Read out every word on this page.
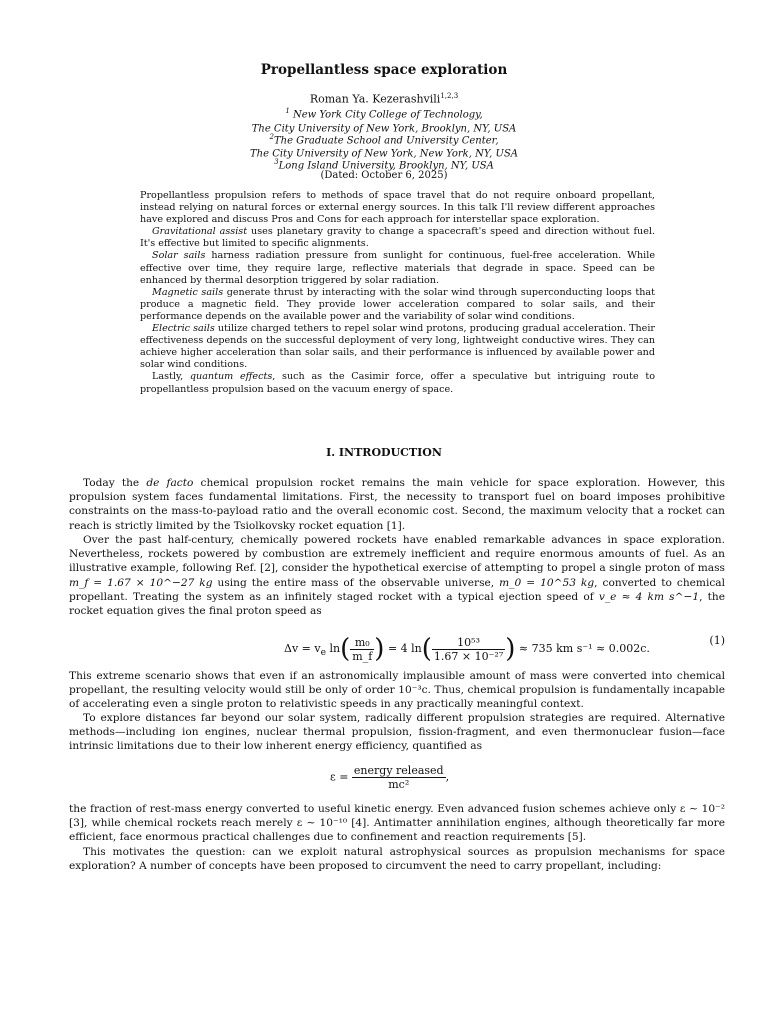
Propellantless space exploration
Roman Ya. Kezerashvili$^{1,2,3}$
$^1$ New York City College of Technology,
The City University of New York, Brooklyn, NY, USA
$^2$The Graduate School and University Center,
The City University of New York, New York, NY, USA
$^3$Long Island University, Brooklyn, NY, USA
(Dated: October 6, 2025)

Propellantless propulsion refers to methods of space travel that do not require onboard propellant, instead relying on natural forces or external energy sources. In this talk I'll review different approaches have explored and discuss Pros and Cons for each approach for interstellar space exploration.

Gravitational assist uses planetary gravity to change a spacecraft's speed and direction without fuel. It's effective but limited to specific alignments.

Solar sails harness radiation pressure from sunlight for continuous, fuel-free acceleration. While effective over time, they require large, reflective materials that degrade in space. Speed can be enhanced by thermal desorption triggered by solar radiation.

Magnetic sails generate thrust by interacting with the solar wind through superconducting loops that produce a magnetic field. They provide lower acceleration compared to solar sails, and their performance depends on the available power and the variability of solar wind conditions.

Electric sails utilize charged tethers to repel solar wind protons, producing gradual acceleration. Their effectiveness depends on the successful deployment of very long, lightweight conductive wires. They can achieve higher acceleration than solar sails, and their performance is influenced by available power and solar wind conditions.

Lastly, quantum effects, such as the Casimir force, offer a speculative but intriguing route to propellantless propulsion based on the vacuum energy of space.

I. INTRODUCTION

Today the de facto chemical propulsion rocket remains the main vehicle for space exploration. However, this propulsion system faces fundamental limitations. First, the necessity to transport fuel on board imposes prohibitive constraints on the mass-to-payload ratio and the overall economic cost. Second, the maximum velocity that a rocket can reach is strictly limited by the Tsiolkovsky rocket equation [1].

Over the past half-century, chemically powered rockets have enabled remarkable advances in space exploration. Nevertheless, rockets powered by combustion are extremely inefficient and require enormous amounts of fuel. As an illustrative example, following Ref. [2], consider the hypothetical exercise of attempting to propel a single proton of mass m_f = 1.67 × 10^−27 kg using the entire mass of the observable universe, m_0 = 10^53 kg, converted to chemical propellant. Treating the system as an infinitely staged rocket with a typical ejection speed of v_e ≈ 4 km s^−1, the rocket equation gives the final proton speed as

$\Delta v = v_e$ $\ln( \frac{\text{m₀}}{m\_f}$ ) = 4 $\ln( \frac{\text{10⁵³}}{\text{1.67 × 10⁻²⁷}}$ ) ≈ 735 km s⁻¹ ≈ 0.002c.
(1)

This extreme scenario shows that even if an astronomically implausible amount of mass were converted into chemical propellant, the resulting velocity would still be only of order 10⁻³c. Thus, chemical propulsion is fundamentally incapable of accelerating even a single proton to relativistic speeds in any practically meaningful context.

To explore distances far beyond our solar system, radically different propulsion strategies are required. Alternative methods—including ion engines, nuclear thermal propulsion, fission-fragment, and even thermonuclear fusion—face intrinsic limitations due to their low inherent energy efficiency, quantified as

$\varepsilon = \frac{\text{energy released}}{\text{mc²}}$ ,

the fraction of rest-mass energy converted to useful kinetic energy. Even advanced fusion schemes achieve only ε ∼ 10⁻² [3], while chemical rockets reach merely ε ∼ 10⁻¹⁰ [4]. Antimatter annihilation engines, although theoretically far more efficient, face enormous practical challenges due to confinement and reaction requirements [5].

This motivates the question: can we exploit natural astrophysical sources as propulsion mechanisms for space exploration? A number of concepts have been proposed to circumvent the need to carry propellant, including:
